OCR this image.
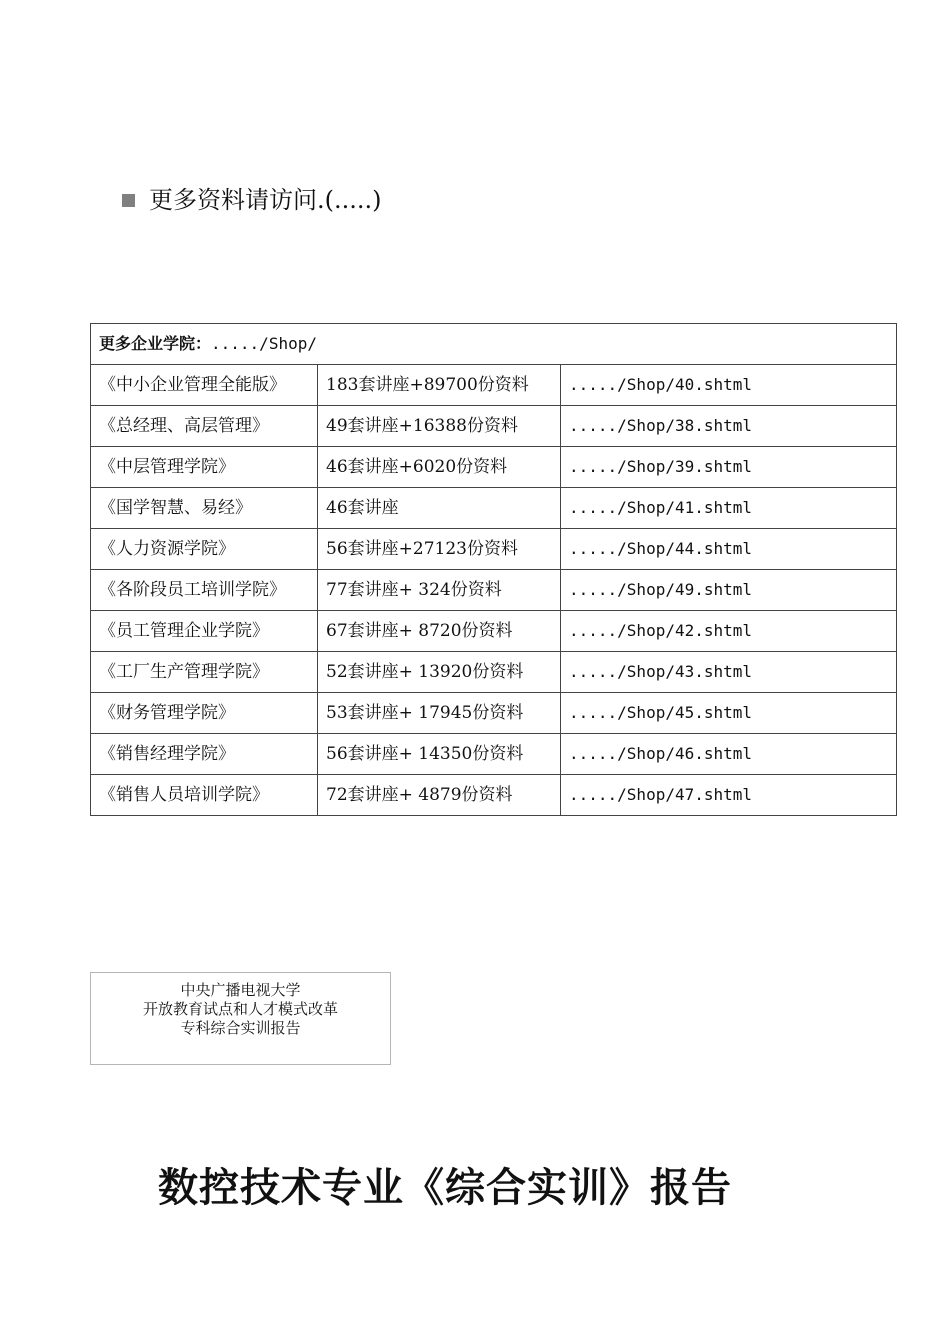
更多资料请访问.(.....)
更多企业学院：...../Shop/		
《中小企业管理全能版》	183套讲座+89700份资料	...../Shop/40.shtml
《总经理、高层管理》	49套讲座+16388份资料	...../Shop/38.shtml
《中层管理学院》	46套讲座+6020份资料	...../Shop/39.shtml
《国学智慧、易经》	46套讲座	...../Shop/41.shtml
《人力资源学院》	56套讲座+27123份资料	...../Shop/44.shtml
《各阶段员工培训学院》	77套讲座+ 324份资料	...../Shop/49.shtml
《员工管理企业学院》	67套讲座+ 8720份资料	...../Shop/42.shtml
《工厂生产管理学院》	52套讲座+ 13920份资料	...../Shop/43.shtml
《财务管理学院》	53套讲座+ 17945份资料	...../Shop/45.shtml
《销售经理学院》	56套讲座+ 14350份资料	...../Shop/46.shtml
《销售人员培训学院》	72套讲座+ 4879份资料	...../Shop/47.shtml
中央广播电视大学
开放教育试点和人才模式改革
专科综合实训报告
数控技术专业《综合实训》报告
